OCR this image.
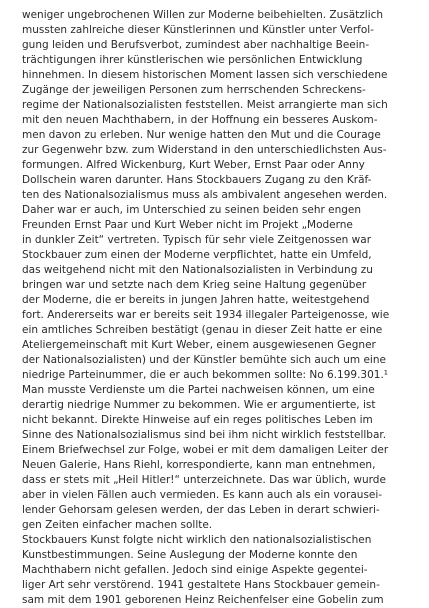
weniger ungebrochenen Willen zur Moderne beibehielten. Zusätzlich
mussten zahlreiche dieser Künstlerinnen und Künstler unter Verfol-
gung leiden und Berufsverbot, zumindest aber nachhaltige Beein-
trächtigungen ihrer künstlerischen wie persönlichen Entwicklung
hinnehmen. In diesem historischen Moment lassen sich verschiedene
Zugänge der jeweiligen Personen zum herrschenden Schreckens-
regime der Nationalsozialisten feststellen. Meist arrangierte man sich
mit den neuen Machthabern, in der Hoffnung ein besseres Auskom-
men davon zu erleben. Nur wenige hatten den Mut und die Courage
zur Gegenwehr bzw. zum Widerstand in den unterschiedlichsten Aus-
formungen. Alfred Wickenburg, Kurt Weber, Ernst Paar oder Anny
Dollschein waren darunter. Hans Stockbauers Zugang zu den Kräf-
ten des Nationalsozialismus muss als ambivalent angesehen werden.
Daher war er auch, im Unterschied zu seinen beiden sehr engen
Freunden Ernst Paar und Kurt Weber nicht im Projekt „Moderne
in dunkler Zeit“ vertreten. Typisch für sehr viele Zeitgenossen war
Stockbauer zum einen der Moderne verpflichtet, hatte ein Umfeld,
das weitgehend nicht mit den Nationalsozialisten in Verbindung zu
bringen war und setzte nach dem Krieg seine Haltung gegenüber
der Moderne, die er bereits in jungen Jahren hatte, weitestgehend
fort. Andererseits war er bereits seit 1934 illegaler Parteigenosse, wie
ein amtliches Schreiben bestätigt (genau in dieser Zeit hatte er eine
Ateliergemeinschaft mit Kurt Weber, einem ausgewiesenen Gegner
der Nationalsozialisten) und der Künstler bemühte sich auch um eine
niedrige Parteinummer, die er auch bekommen sollte: No 6.199.301.¹
Man musste Verdienste um die Partei nachweisen können, um eine
derartig niedrige Nummer zu bekommen. Wie er argumentierte, ist
nicht bekannt. Direkte Hinweise auf ein reges politisches Leben im
Sinne des Nationalsozialismus sind bei ihm nicht wirklich feststellbar.
Einem Briefwechsel zur Folge, wobei er mit dem damaligen Leiter der
Neuen Galerie, Hans Riehl, korrespondierte, kann man entnehmen,
dass er stets mit „Heil Hitler!“ unterzeichnete. Das war üblich, wurde
aber in vielen Fällen auch vermieden. Es kann auch als ein vorausei-
lender Gehorsam gelesen werden, der das Leben in derart schwieri-
gen Zeiten einfacher machen sollte.
Stockbauers Kunst folgte nicht wirklich den nationalsozialistischen
Kunstbestimmungen. Seine Auslegung der Moderne konnte den
Machthabern nicht gefallen. Jedoch sind einige Aspekte gegentei-
liger Art sehr verstörend. 1941 gestaltete Hans Stockbauer gemein-
sam mit dem 1901 geborenen Heinz Reichenfelser eine Gobelin zum
